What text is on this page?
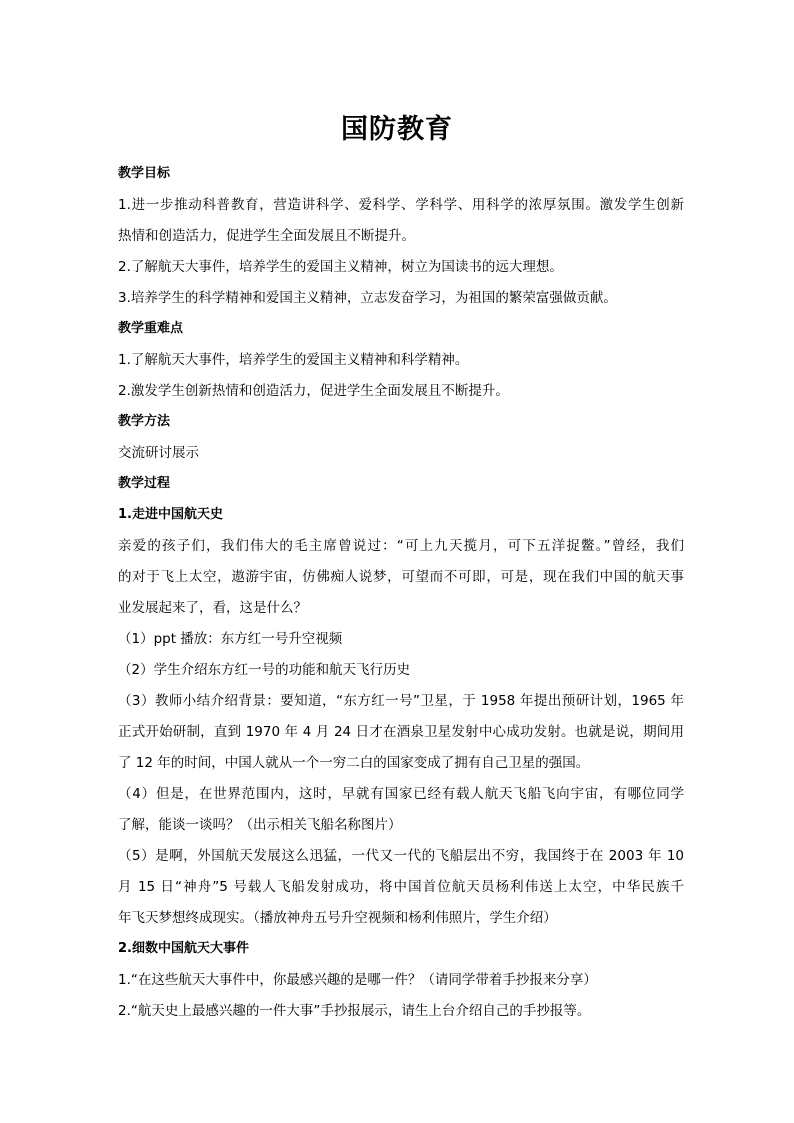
国防教育
教学目标
1.进一步推动科普教育，营造讲科学、爱科学、学科学、用科学的浓厚氛围。激发学生创新
热情和创造活力，促进学生全面发展且不断提升。
2.了解航天大事件，培养学生的爱国主义精神，树立为国读书的远大理想。
3.培养学生的科学精神和爱国主义精神，立志发奋学习，为祖国的繁荣富强做贡献。
教学重难点
1.了解航天大事件，培养学生的爱国主义精神和科学精神。
2.激发学生创新热情和创造活力，促进学生全面发展且不断提升。
教学方法
交流研讨展示
教学过程
1.走进中国航天史
亲爱的孩子们，我们伟大的毛主席曾说过：“可上九天揽月，可下五洋捉鳖。”曾经，我们
的对于飞上太空，遨游宇宙，仿佛痴人说梦，可望而不可即，可是，现在我们中国的航天事
业发展起来了，看，这是什么？
（1）ppt 播放：东方红一号升空视频
（2）学生介绍东方红一号的功能和航天飞行历史
（3）教师小结介绍背景：要知道，“东方红一号”卫星，于 1958 年提出预研计划，1965 年
正式开始研制，直到 1970 年 4 月 24 日才在酒泉卫星发射中心成功发射。也就是说，期间用
了 12 年的时间，中国人就从一个一穷二白的国家变成了拥有自己卫星的强国。
（4）但是，在世界范围内，这时，早就有国家已经有载人航天飞船飞向宇宙，有哪位同学
了解，能谈一谈吗？（出示相关飞船名称图片）
（5）是啊，外国航天发展这么迅猛，一代又一代的飞船层出不穷，我国终于在 2003 年 10
月 15 日“神舟”5 号载人飞船发射成功，将中国首位航天员杨利伟送上太空，中华民族千
年飞天梦想终成现实。（播放神舟五号升空视频和杨利伟照片，学生介绍）
2.细数中国航天大事件
1.“在这些航天大事件中，你最感兴趣的是哪一件？（请同学带着手抄报来分享）
2.“航天史上最感兴趣的一件大事”手抄报展示，请生上台介绍自己的手抄报等。
